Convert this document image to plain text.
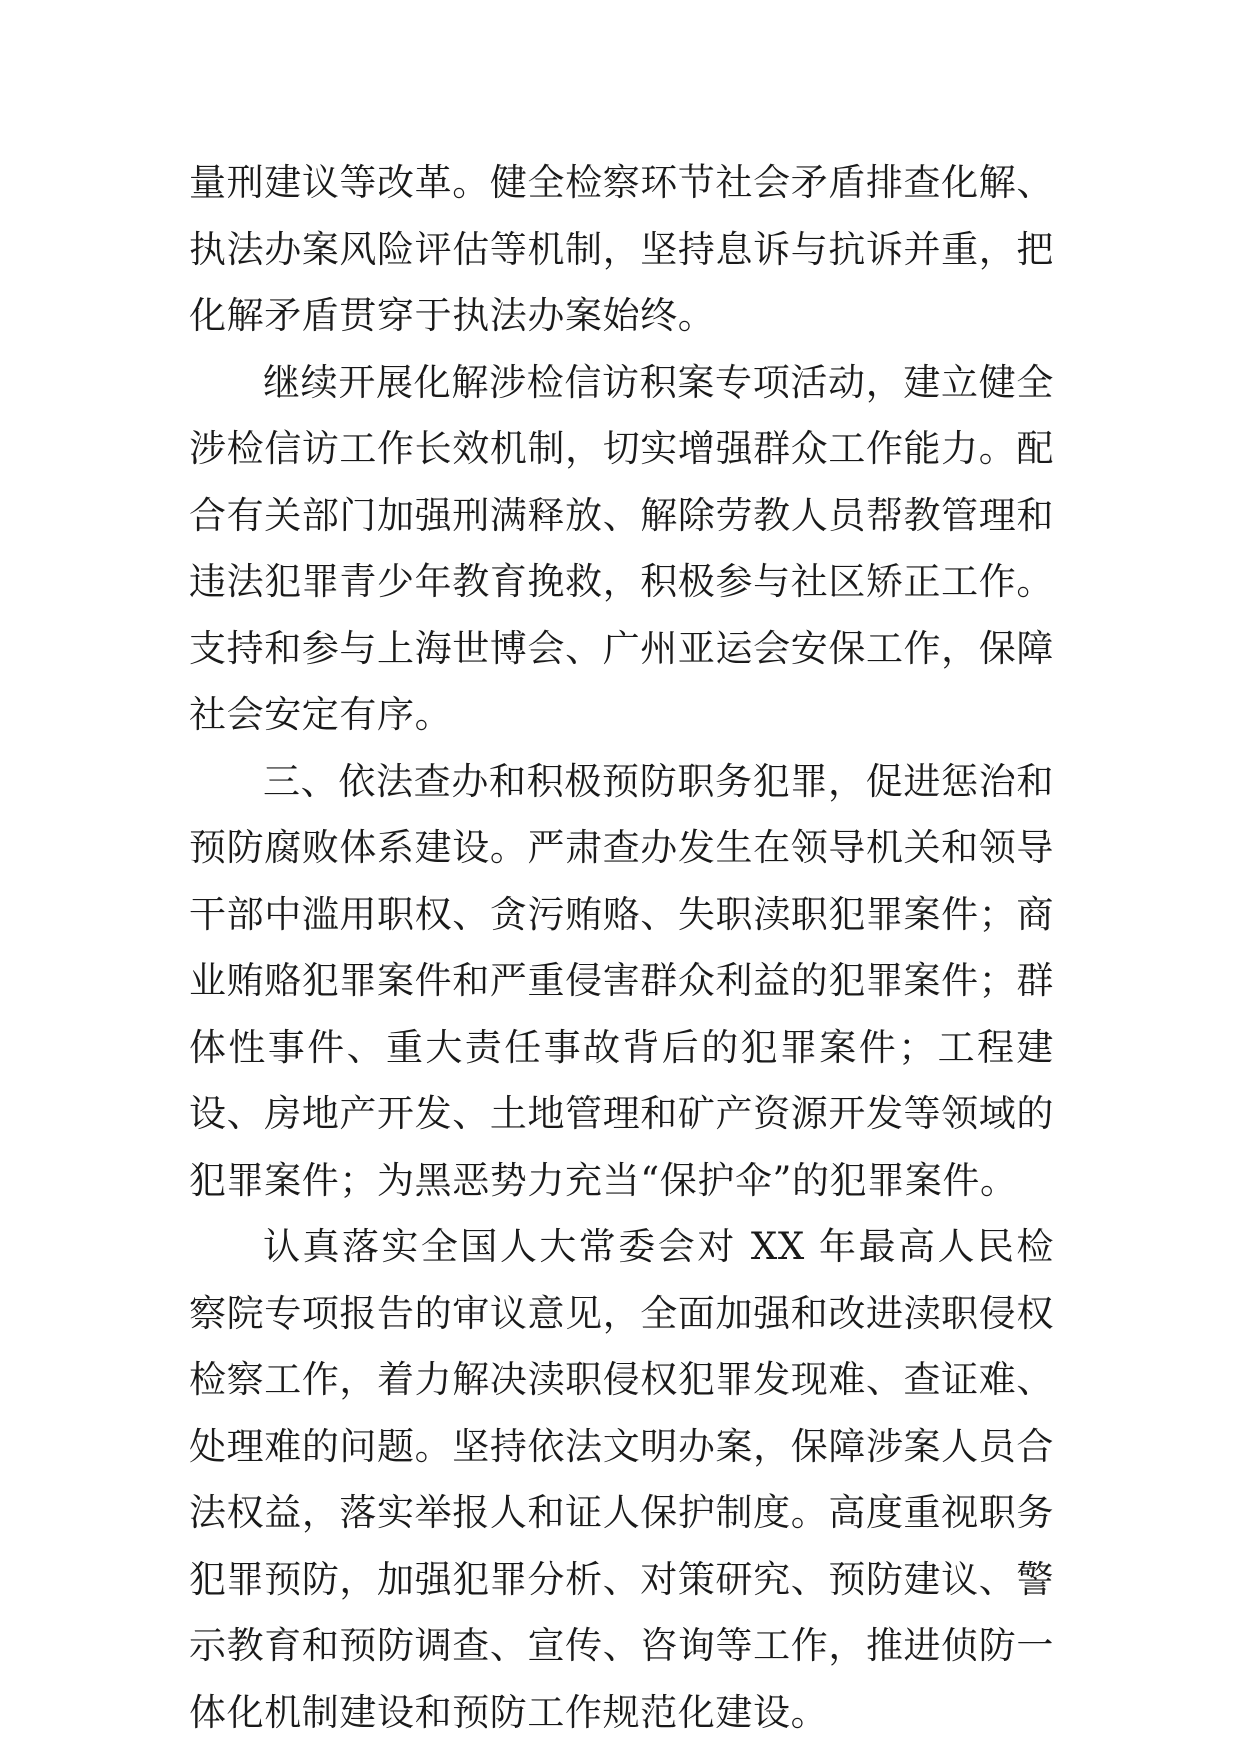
量刑建议等改革。健全检察环节社会矛盾排查化解、执法办案风险评估等机制，坚持息诉与抗诉并重，把化解矛盾贯穿于执法办案始终。

继续开展化解涉检信访积案专项活动，建立健全涉检信访工作长效机制，切实增强群众工作能力。配合有关部门加强刑满释放、解除劳教人员帮教管理和违法犯罪青少年教育挽救，积极参与社区矫正工作。支持和参与上海世博会、广州亚运会安保工作，保障社会安定有序。

三、依法查办和积极预防职务犯罪，促进惩治和预防腐败体系建设。严肃查办发生在领导机关和领导干部中滥用职权、贪污贿赂、失职渎职犯罪案件；商业贿赂犯罪案件和严重侵害群众利益的犯罪案件；群体性事件、重大责任事故背后的犯罪案件；工程建设、房地产开发、土地管理和矿产资源开发等领域的犯罪案件；为黑恶势力充当“保护伞”的犯罪案件。

认真落实全国人大常委会对 XX 年最高人民检察院专项报告的审议意见，全面加强和改进渎职侵权检察工作，着力解决渎职侵权犯罪发现难、查证难、处理难的问题。坚持依法文明办案，保障涉案人员合法权益，落实举报人和证人保护制度。高度重视职务犯罪预防，加强犯罪分析、对策研究、预防建议、警示教育和预防调查、宣传、咨询等工作，推进侦防一体化机制建设和预防工作规范化建设。
